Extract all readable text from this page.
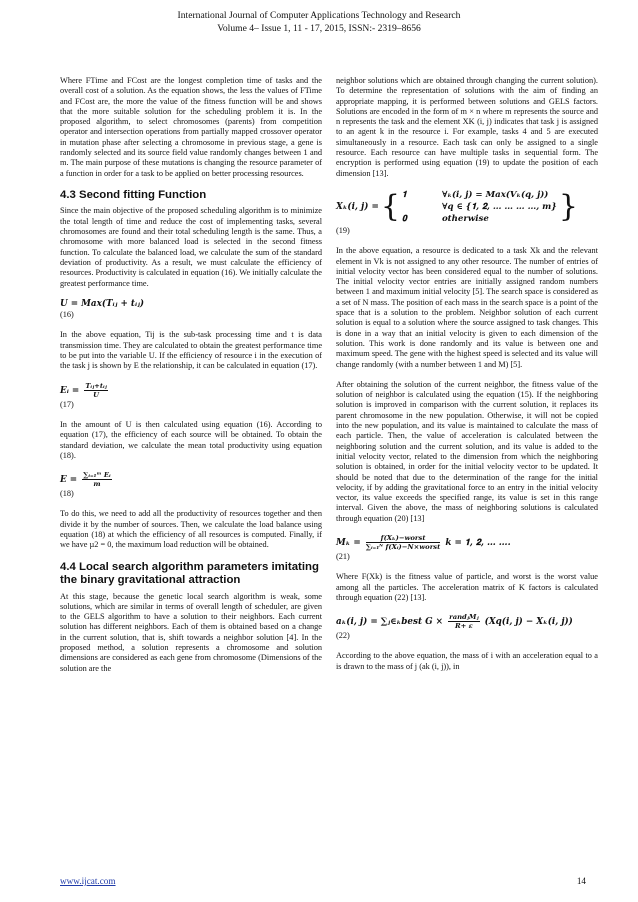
International Journal of Computer Applications Technology and Research
Volume 4– Issue 1, 11 - 17, 2015, ISSN:- 2319–8656

Where FTime and FCost are the longest completion time of tasks and the overall cost of a solution. As the equation shows, the less the values of FTime and FCost are, the more the value of the fitness function will be and shows that the more suitable solution for the scheduling problem it is. In the proposed algorithm, to select chromosomes (parents) from competition operator and intersection operations from partially mapped crossover operator in mutation phase after selecting a chromosome in previous stage, a gene is randomly selected and its source field value randomly changes between 1 and m. The main purpose of these mutations is changing the resource parameter of a function in order for a task to be applied on better processing resources.

4.3 Second fitting Function

Since the main objective of the proposed scheduling algorithm is to minimize the total length of time and reduce the cost of implementing tasks, several chromosomes are found and their total scheduling length is the same. Thus, a chromosome with more balanced load is selected in the second fitness function. To calculate the balanced load, we calculate the sum of the standard deviation of productivity. As a result, we must calculate the efficiency of resources. Productivity is calculated in equation (16). We initially calculate the greatest performance time.

𝑼 = 𝑴𝒂𝒙(𝑻ᵢⱼ + 𝒕ᵢⱼ)
(16)

In the above equation, Tij is the sub-task processing time and t is data transmission time. They are calculated to obtain the greatest performance time to be put into the variable U. If the efficiency of resource i in the execution of the task j is shown by E the relationship, it can be calculated in equation (17).

𝑬ᵢ = $\frac{\text{Tᵢⱼ+tᵢⱼ}}{U}$
(17)

In the amount of U is then calculated using equation (16). According to equation (17), the efficiency of each source will be obtained. To obtain the standard deviation, we calculate the mean total productivity using equation (18).

𝑬 = $\frac{\text{∑ᵢ₌₁ᵐ Eᵢ}}{m}$
(18)

To do this, we need to add all the productivity of resources together and then divide it by the number of sources. Then, we calculate the load balance using equation (18) at which the efficiency of all resources is computed. Finally, if we have µ2 = 0, the maximum load reduction will be obtained.

4.4 Local search algorithm parameters imitating the binary gravitational attraction

At this stage, because the genetic local search algorithm is weak, some solutions, which are similar in terms of overall length of scheduler, are given to the GELS algorithm to have a solution to their neighbors. Each current solution has different neighbors. Each of them is obtained based on a change in the current solution, that is, shift towards a neighbor solution [4]. In the proposed method, a solution represents a chromosome and solution dimensions are considered as each gene from chromosome (Dimensions of the solution are the

neighbor solutions which are obtained through changing the current solution). To determine the representation of solutions with the aim of finding an appropriate mapping, it is performed between solutions and GELS factors. Solutions are encoded in the form of m × n where m represents the source and n represents the task and the element XK (i, j) indicates that task j is assigned to an agent k in the resource i. For example, tasks 4 and 5 are executed simultaneously in a resource. Each task can only be assigned to a single resource. Each resource can have multiple tasks in sequential form. The encryption is performed using equation (19) to update the position of each dimension [13].

𝑿ₖ(𝒊, 𝒋) = { 𝟏	∀ₖ(𝒊, 𝒋) = 𝑴𝒂𝒙(𝑽ₖ(𝒒, 𝒋))
∀𝒒 ∈ {𝟏, 𝟐, … … … …, 𝒎}
𝟎	𝒐𝒕𝒉𝒆𝒓𝒘𝒊𝒔𝒆 }
(19)

In the above equation, a resource is dedicated to a task Xk and the relevant element in Vk is not assigned to any other resource. The number of entries of initial velocity vector has been considered equal to the number of solutions. The initial velocity vector entries are initially assigned random numbers between 1 and maximum initial velocity [5]. The search space is considered as a set of N mass. The position of each mass in the search space is a point of the space that is a solution to the problem. Neighbor solution of each current solution is equal to a solution where the source assigned to task changes. This is done in a way that an initial velocity is given to each dimension of the solution. This work is done randomly and its value is between one and maximum speed. The gene with the highest speed is selected and its value will change randomly (with a number between 1 and M) [5].

After obtaining the solution of the current neighbor, the fitness value of the solution of neighbor is calculated using the equation (15). If the neighboring solution is improved in comparison with the current solution, it replaces its parent chromosome in the new population. Otherwise, it will not be copied into the new population, and its value is maintained to calculate the mass of each particle. Then, the value of acceleration is calculated between the neighboring solution and the current solution, and its value is added to the initial velocity vector, related to the dimension from which the neighboring solution is obtained, in order for the initial velocity vector to be updated. It should be noted that due to the determination of the range for the initial velocity, if by adding the gravitational force to an entry in the initial velocity vector, its value exceeds the specified range, its value is set in this range interval. Given the above, the mass of neighboring solutions is calculated through equation (20) [13]

𝑴ₖ = $\frac{\text{f(Xₖ)−worst}}{\text{∑ᵢ₌₁ᴺ f(Xᵢ)−N×worst}}$ 𝒌 = 𝟏, 𝟐, … ….
(21)

Where F(Xk) is the fitness value of particle, and worst is the worst value among all the particles. The acceleration matrix of K factors is calculated through equation (22) [13].

𝒂ₖ(𝒊, 𝒋) = ∑ⱼ∈ₖbest 𝑮 × $\frac{\text{randⱼMⱼ}}{R+ \varepsilon}$ (𝑿𝒒(𝒊, 𝒋) − 𝑿ₖ(𝒊, 𝒋))
(22)

According to the above equation, the mass of i with an acceleration equal to a is drawn to the mass of j (ak (i, j)), in

www.ijcat.com	14
